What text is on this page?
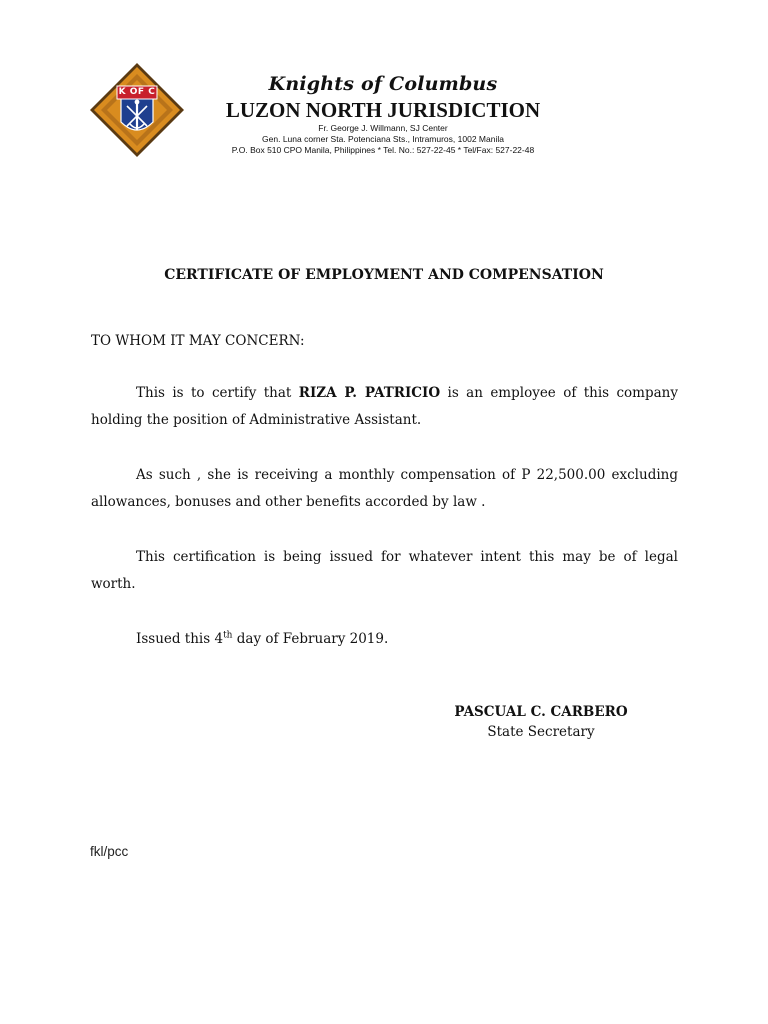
K OF C	Knights of Columbus
LUZON NORTH JURISDICTION
Fr. George J. Willmann, SJ Center
Gen. Luna corner Sta. Potenciana Sts., Intramuros, 1002 Manila
P.O. Box 510 CPO Manila, Philippines * Tel. No.: 527-22-45 * Tel/Fax: 527-22-48
CERTIFICATE OF EMPLOYMENT AND COMPENSATION
TO WHOM IT MAY CONCERN:
This is to certify that RIZA P. PATRICIO is an employee of this company holding the position of Administrative Assistant.
As such , she is receiving a monthly compensation of P 22,500.00 excluding allowances, bonuses and other benefits accorded by law .
This certification is being issued for whatever intent this may be of legal worth.
Issued this 4th day of February 2019.
PASCUAL C. CARBERO
State Secretary
fkl/pcc
